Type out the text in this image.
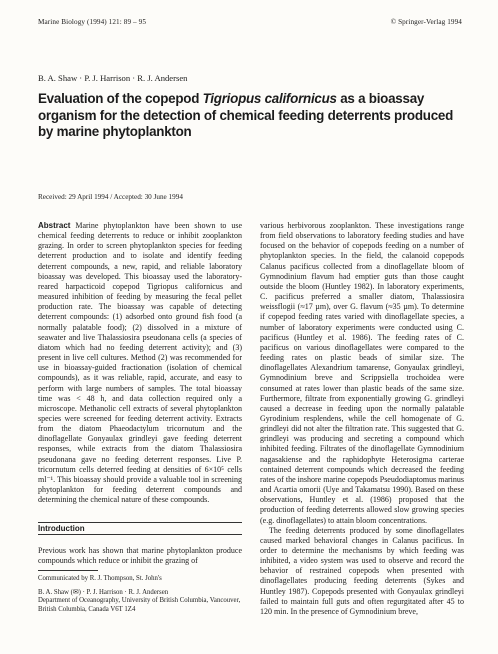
Marine Biology (1994) 121: 89 – 95	© Springer-Verlag 1994
B. A. Shaw · P. J. Harrison · R. J. Andersen
Evaluation of the copepod Tigriopus californicus as a bioassay organism for the detection of chemical feeding deterrents produced by marine phytoplankton
Received: 29 April 1994 / Accepted: 30 June 1994

Abstract Marine phytoplankton have been shown to use chemical feeding deterrents to reduce or inhibit zooplankton grazing. In order to screen phytoplankton species for feeding deterrent production and to isolate and identify feeding deterrent compounds, a new, rapid, and reliable laboratory bioassay was developed. This bioassay used the laboratory-reared harpacticoid copepod Tigriopus californicus and measured inhibition of feeding by measuring the fecal pellet production rate. The bioassay was capable of detecting deterrent compounds: (1) adsorbed onto ground fish food (a normally palatable food); (2) dissolved in a mixture of seawater and live Thalassiosira pseudonana cells (a species of diatom which had no feeding deterrent activity); and (3) present in live cell cultures. Method (2) was recommended for use in bioassay-guided fractionation (isolation of chemical compounds), as it was reliable, rapid, accurate, and easy to perform with large numbers of samples. The total bioassay time was < 48 h, and data collection required only a microscope. Methanolic cell extracts of several phytoplankton species were screened for feeding deterrent activity. Extracts from the diatom Phaeodactylum tricornutum and the dinoflagellate Gonyaulax grindleyi gave feeding deterrent responses, while extracts from the diatom Thalassiosira pseudonana gave no feeding deterrent responses. Live P. tricornutum cells deterred feeding at densities of 6×10⁵ cells ml⁻¹. This bioassay should provide a valuable tool in screening phytoplankton for feeding deterrent compounds and determining the chemical nature of these compounds.

Introduction

Previous work has shown that marine phytoplankton produce compounds which reduce or inhibit the grazing of

Communicated by R. J. Thompson, St. John's

B. A. Shaw (✉) · P. J. Harrison · R. J. Andersen
Department of Oceanography, University of British Columbia, Vancouver, British Columbia, Canada V6T 1Z4

various herbivorous zooplankton. These investigations range from field observations to laboratory feeding studies and have focused on the behavior of copepods feeding on a number of phytoplankton species. In the field, the calanoid copepods Calanus pacificus collected from a dinoflagellate bloom of Gymnodinium flavum had emptier guts than those caught outside the bloom (Huntley 1982). In laboratory experiments, C. pacificus preferred a smaller diatom, Thalassiosira weissflogii (≈17 µm), over G. flavum (≈35 µm). To determine if copepod feeding rates varied with dinoflagellate species, a number of laboratory experiments were conducted using C. pacificus (Huntley et al. 1986). The feeding rates of C. pacificus on various dinoflagellates were compared to the feeding rates on plastic beads of similar size. The dinoflagellates Alexandrium tamarense, Gonyaulax grindleyi, Gymnodinium breve and Scrippsiella trochoidea were consumed at rates lower than plastic beads of the same size. Furthermore, filtrate from exponentially growing G. grindleyi caused a decrease in feeding upon the normally palatable Gyrodinium resplendens, while the cell homogenate of G. grindleyi did not alter the filtration rate. This suggested that G. grindleyi was producing and secreting a compound which inhibited feeding. Filtrates of the dinoflagellate Gymnodinium nagasakiense and the raphidophyte Heterosigma carterae contained deterrent compounds which decreased the feeding rates of the inshore marine copepods Pseudodiaptomus marinus and Acartia omorii (Uye and Takamatsu 1990). Based on these observations, Huntley et al. (1986) proposed that the production of feeding deterrents allowed slow growing species (e.g. dinoflagellates) to attain bloom concentrations.

The feeding deterrents produced by some dinoflagellates caused marked behavioral changes in Calanus pacificus. In order to determine the mechanisms by which feeding was inhibited, a video system was used to observe and record the behavior of restrained copepods when presented with dinoflagellates producing feeding deterrents (Sykes and Huntley 1987). Copepods presented with Gonyaulax grindleyi failed to maintain full guts and often regurgitated after 45 to 120 min. In the presence of Gymnodinium breve,
